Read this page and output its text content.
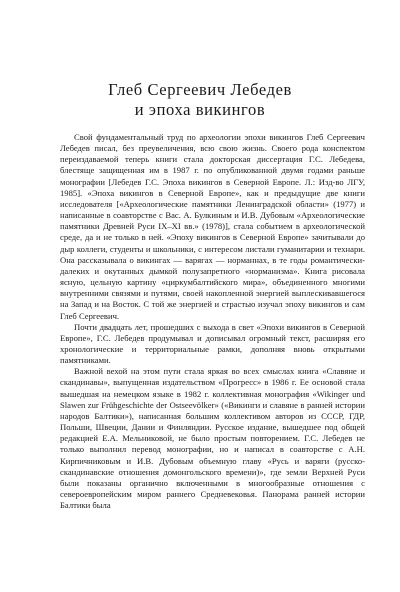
Глеб Сергеевич Лебедев
и эпоха викингов

Свой фундаментальный труд по археологии эпохи викингов Глеб Сергеевич Лебедев писал, без преувеличения, всю свою жизнь. Своего рода конспектом переиздаваемой теперь книги стала докторская диссертация Г.С. Лебедева, блестяще защищенная им в 1987 г. по опубликованной двумя годами раньше монографии [Лебедев Г.С. Эпоха викингов в Северной Европе. Л.: Изд-во ЛГУ, 1985]. «Эпоха викингов в Северной Европе», как и предыдущие две книги исследователя [«Археологические памятники Ленинградской области» (1977) и написанные в соавторстве с Вас. А. Булкиным и И.В. Дубовым «Археологические памятники Древней Руси IX–XI вв.» (1978)], стала событием в археологической среде, да и не только в ней. «Эпоху викингов в Северной Европе» зачитывали до дыр коллеги, студенты и школьники, с интересом листали гуманитарии и технари. Она рассказывала о викингах — варягах — норманнах, в те годы романтически-далеких и окутанных дымкой полузапретного «норманизма». Книга рисовала ясную, цельную картину «циркумбалтийского мира», объединенного многими внутренними связями и путями, своей накопленной энергией выплескивавшегося на Запад и на Восток. С той же энергией и страстью изучал эпоху викингов и сам Глеб Сергеевич.

Почти двадцать лет, прошедших с выхода в свет «Эпохи викингов в Северной Европе», Г.С. Лебедев продумывал и дописывал огромный текст, расширяя его хронологические и территориальные рамки, дополняя вновь открытыми памятниками.

Важной вехой на этом пути стала яркая во всех смыслах книга «Славяне и скандинавы», выпущенная издательством «Прогресс» в 1986 г. Ее основой стала вышедшая на немецком языке в 1982 г. коллективная монография «Wikinger und Slawen zur Frühgeschichte der Ostseevölker» («Викинги и славяне в ранней истории народов Балтики»), написанная большим коллективом авторов из СССР, ГДР, Польши, Швеции, Дании и Финляндии. Русское издание, вышедшее под общей редакцией Е.А. Мельниковой, не было простым повторением. Г.С. Лебедев не только выполнил перевод монографии, но и написал в соавторстве с А.Н. Кирпичниковым и И.В. Дубовым объемную главу «Русь и варяги (русско-скандинавские отношения домонгольского времени)», где земли Верхней Руси были показаны органично включенными в многообразные отношения с североевропейским миром раннего Средневековья. Панорама ранней истории Балтики была
